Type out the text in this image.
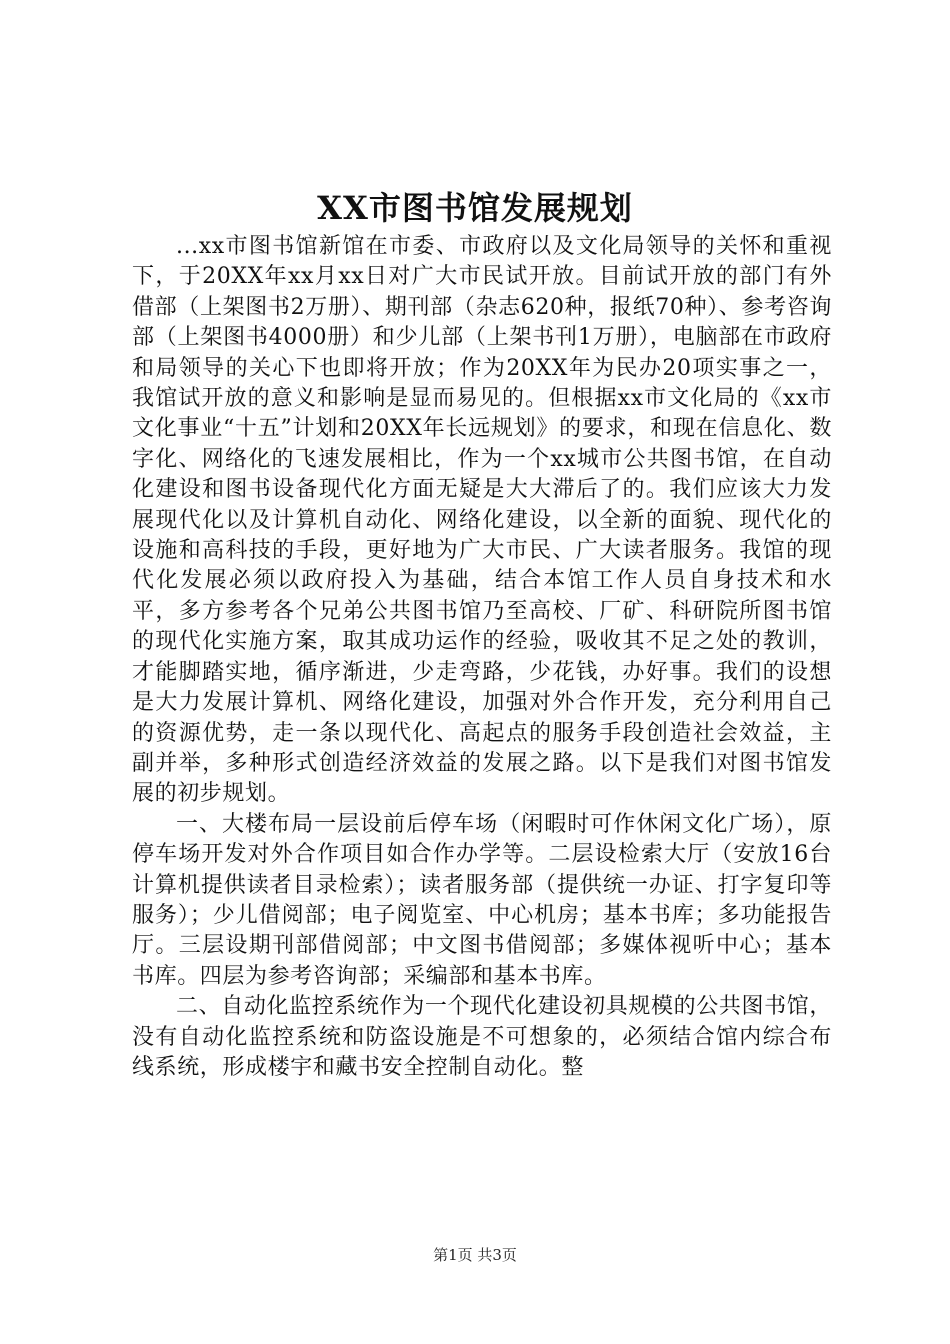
XX市图书馆发展规划

...xx市图书馆新馆在市委、市政府以及文化局领导的关怀和重视下，于20XX年xx月xx日对广大市民试开放。目前试开放的部门有外借部（上架图书2万册）、期刊部（杂志620种，报纸70种）、参考咨询部（上架图书4000册）和少儿部（上架书刊1万册），电脑部在市政府和局领导的关心下也即将开放；作为20XX年为民办20项实事之一，我馆试开放的意义和影响是显而易见的。但根据xx市文化局的《xx市文化事业“十五”计划和20XX年长远规划》的要求，和现在信息化、数字化、网络化的飞速发展相比，作为一个xx城市公共图书馆，在自动化建设和图书设备现代化方面无疑是大大滞后了的。我们应该大力发展现代化以及计算机自动化、网络化建设，以全新的面貌、现代化的设施和高科技的手段，更好地为广大市民、广大读者服务。我馆的现代化发展必须以政府投入为基础，结合本馆工作人员自身技术和水平，多方参考各个兄弟公共图书馆乃至高校、厂矿、科研院所图书馆的现代化实施方案，取其成功运作的经验，吸收其不足之处的教训，才能脚踏实地，循序渐进，少走弯路，少花钱，办好事。我们的设想是大力发展计算机、网络化建设，加强对外合作开发，充分利用自己的资源优势，走一条以现代化、高起点的服务手段创造社会效益，主副并举，多种形式创造经济效益的发展之路。以下是我们对图书馆发展的初步规划。

一、大楼布局一层设前后停车场（闲暇时可作休闲文化广场），原停车场开发对外合作项目如合作办学等。二层设检索大厅（安放16台计算机提供读者目录检索）；读者服务部（提供统一办证、打字复印等服务）；少儿借阅部；电子阅览室、中心机房；基本书库；多功能报告厅。三层设期刊部借阅部；中文图书借阅部；多媒体视听中心；基本书库。四层为参考咨询部；采编部和基本书库。

二、自动化监控系统作为一个现代化建设初具规模的公共图书馆，没有自动化监控系统和防盗设施是不可想象的，必须结合馆内综合布线系统，形成楼宇和藏书安全控制自动化。整

第1页 共3页
